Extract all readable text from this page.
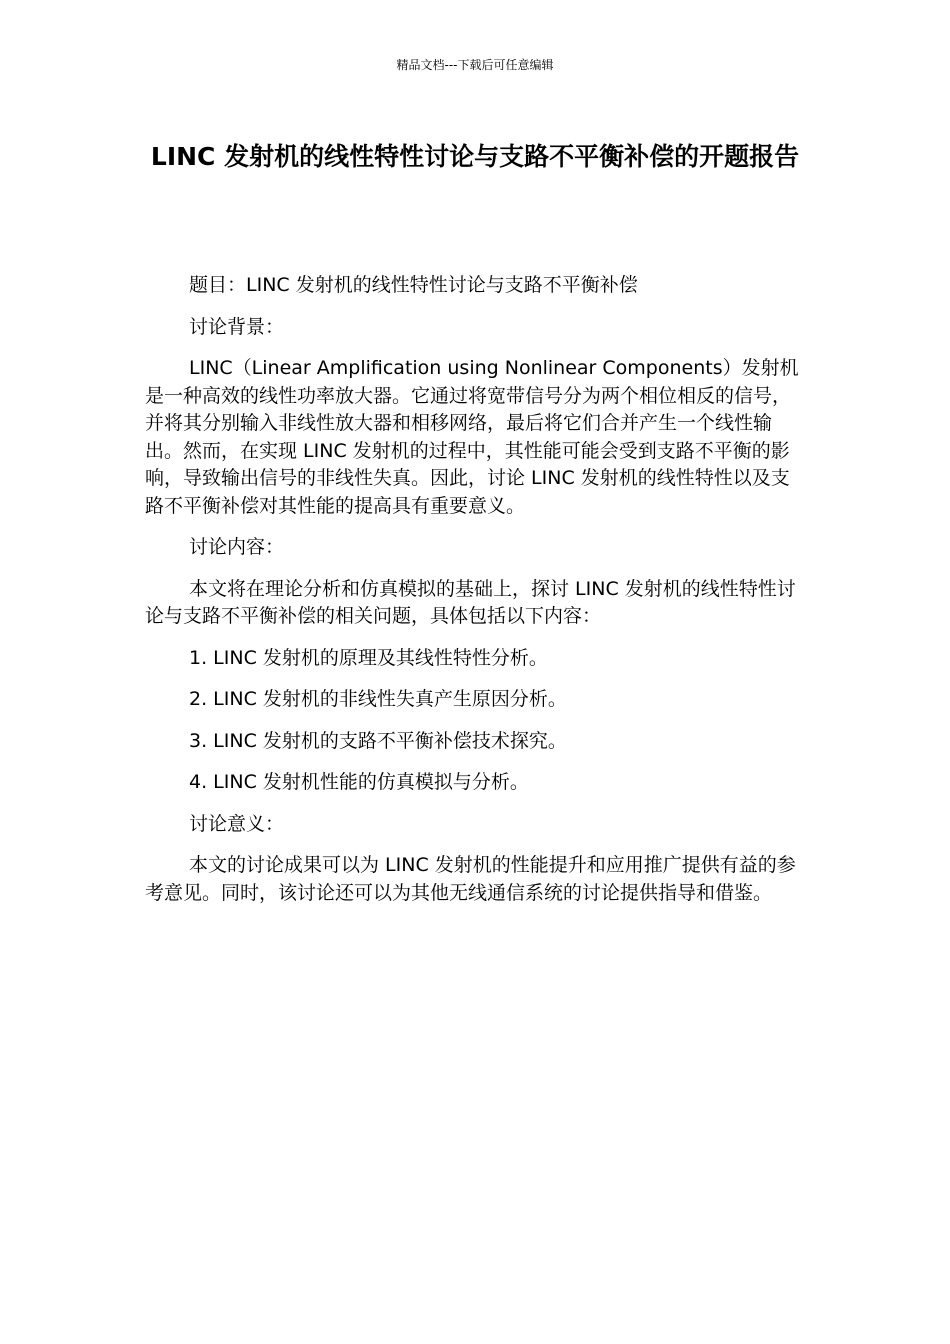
精品文档---下载后可任意编辑
LINC 发射机的线性特性讨论与支路不平衡补偿的开题报告

题目：LINC 发射机的线性特性讨论与支路不平衡补偿

讨论背景：

LINC（Linear Amplification using Nonlinear Components）发射机是一种高效的线性功率放大器。它通过将宽带信号分为两个相位相反的信号，并将其分别输入非线性放大器和相移网络，最后将它们合并产生一个线性输出。然而，在实现 LINC 发射机的过程中，其性能可能会受到支路不平衡的影响，导致输出信号的非线性失真。因此，讨论 LINC 发射机的线性特性以及支路不平衡补偿对其性能的提高具有重要意义。

讨论内容：

本文将在理论分析和仿真模拟的基础上，探讨 LINC 发射机的线性特性讨论与支路不平衡补偿的相关问题，具体包括以下内容：

1. LINC 发射机的原理及其线性特性分析。

2. LINC 发射机的非线性失真产生原因分析。

3. LINC 发射机的支路不平衡补偿技术探究。

4. LINC 发射机性能的仿真模拟与分析。

讨论意义：

本文的讨论成果可以为 LINC 发射机的性能提升和应用推广提供有益的参考意见。同时，该讨论还可以为其他无线通信系统的讨论提供指导和借鉴。
